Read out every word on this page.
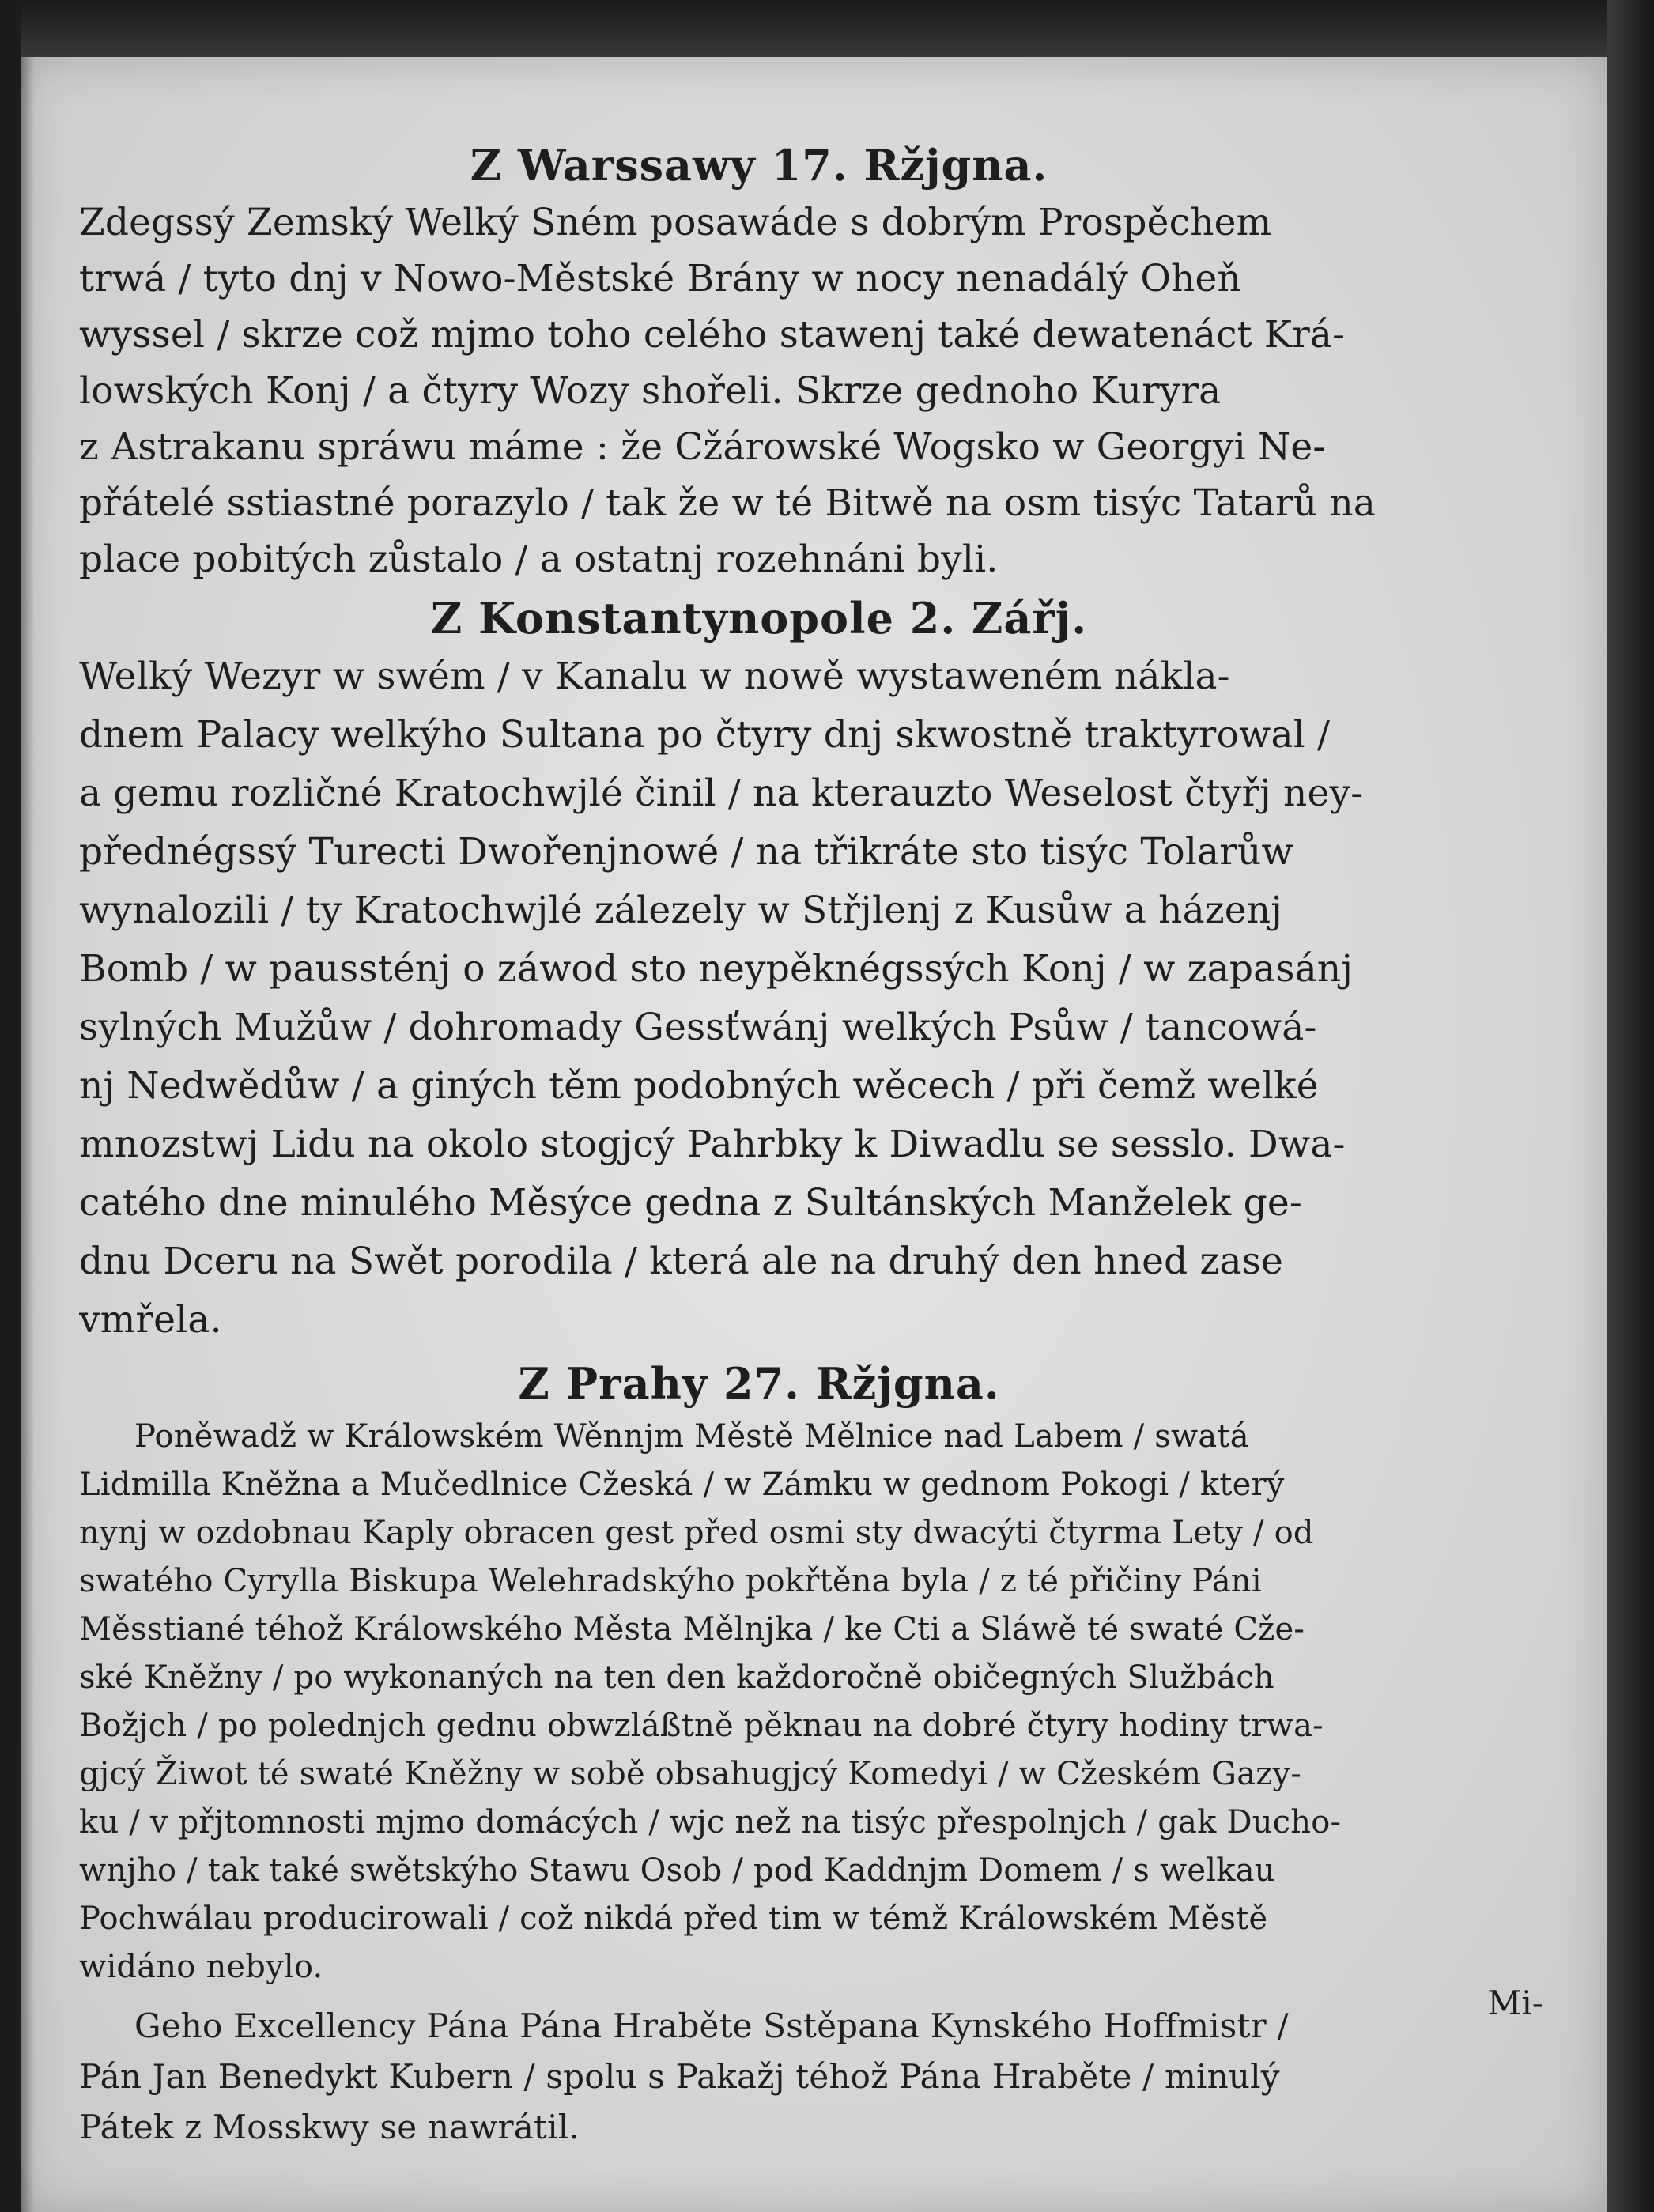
Z Warssawy 17. Ržjgna.
Zdegssý Zemský Welký Sném posawáde s dobrým Prospěchem
trwá / tyto dnj v Nowo-Městské Brány w nocy nenadálý Oheň
wyssel / skrze což mjmo toho celého stawenj také dewatenáct Krá-
lowských Konj / a čtyry Wozy shořeli. Skrze gednoho Kuryra
z Astrakanu spráwu máme : že Cžárowské Wogsko w Georgyi Ne-
přátelé sstiastné porazylo / tak že w té Bitwě na osm tisýc Tatarů na
place pobitých zůstalo / a ostatnj rozehnáni byli.
Z Konstantynopole 2. Zářj.
Welký Wezyr w swém / v Kanalu w nowě wystaweném nákla-
dnem Palacy welkýho Sultana po čtyry dnj skwostně traktyrowal /
a gemu rozličné Kratochwjlé činil / na kterauzto Weselost čtyřj ney-
přednégssý Turecti Dwořenjnowé / na třikráte sto tisýc Tolarůw
wynalozili / ty Kratochwjlé zálezely w Střjlenj z Kusůw a házenj
Bomb / w paussténj o záwod sto neypěknégssých Konj / w zapasánj
sylných Mužůw / dohromady Gessťwánj welkých Psůw / tancowá-
nj Nedwědůw / a giných těm podobných wěcech / při čemž welké
mnozstwj Lidu na okolo stogjcý Pahrbky k Diwadlu se sesslo. Dwa-
catého dne minulého Měsýce gedna z Sultánských Manželek ge-
dnu Dceru na Swět porodila / která ale na druhý den hned zase
vmřela.
Z Prahy 27. Ržjgna.
Poněwadž w Králowském Wěnnjm Městě Mělnice nad Labem / swatá
Lidmilla Kněžna a Mučedlnice Cžeská / w Zámku w gednom Pokogi / který
nynj w ozdobnau Kaply obracen gest před osmi sty dwacýti čtyrma Lety / od
swatého Cyrylla Biskupa Welehradskýho pokřtěna byla / z té přičiny Páni
Měsstiané téhož Králowského Města Mělnjka / ke Cti a Sláwě té swaté Cže-
ské Kněžny / po wykonaných na ten den každoročně običegných Službách
Božjch / po polednjch gednu obwzláßtně pěknau na dobré čtyry hodiny trwa-
gjcý Žiwot té swaté Kněžny w sobě obsahugjcý Komedyi / w Cžeském Gazy-
ku / v přjtomnosti mjmo domácých / wjc než na tisýc přespolnjch / gak Ducho-
wnjho / tak také swětskýho Stawu Osob / pod Kaddnjm Domem / s welkau
Pochwálau producirowali / což nikdá před tim w témž Králowském Městě
widáno nebylo.
Geho Excellency Pána Pána Hraběte Sstěpana Kynského Hoffmistr /
Pán Jan Benedykt Kubern / spolu s Pakažj téhož Pána Hraběte / minulý
Pátek z Mosskwy se nawrátil.
Mi-
